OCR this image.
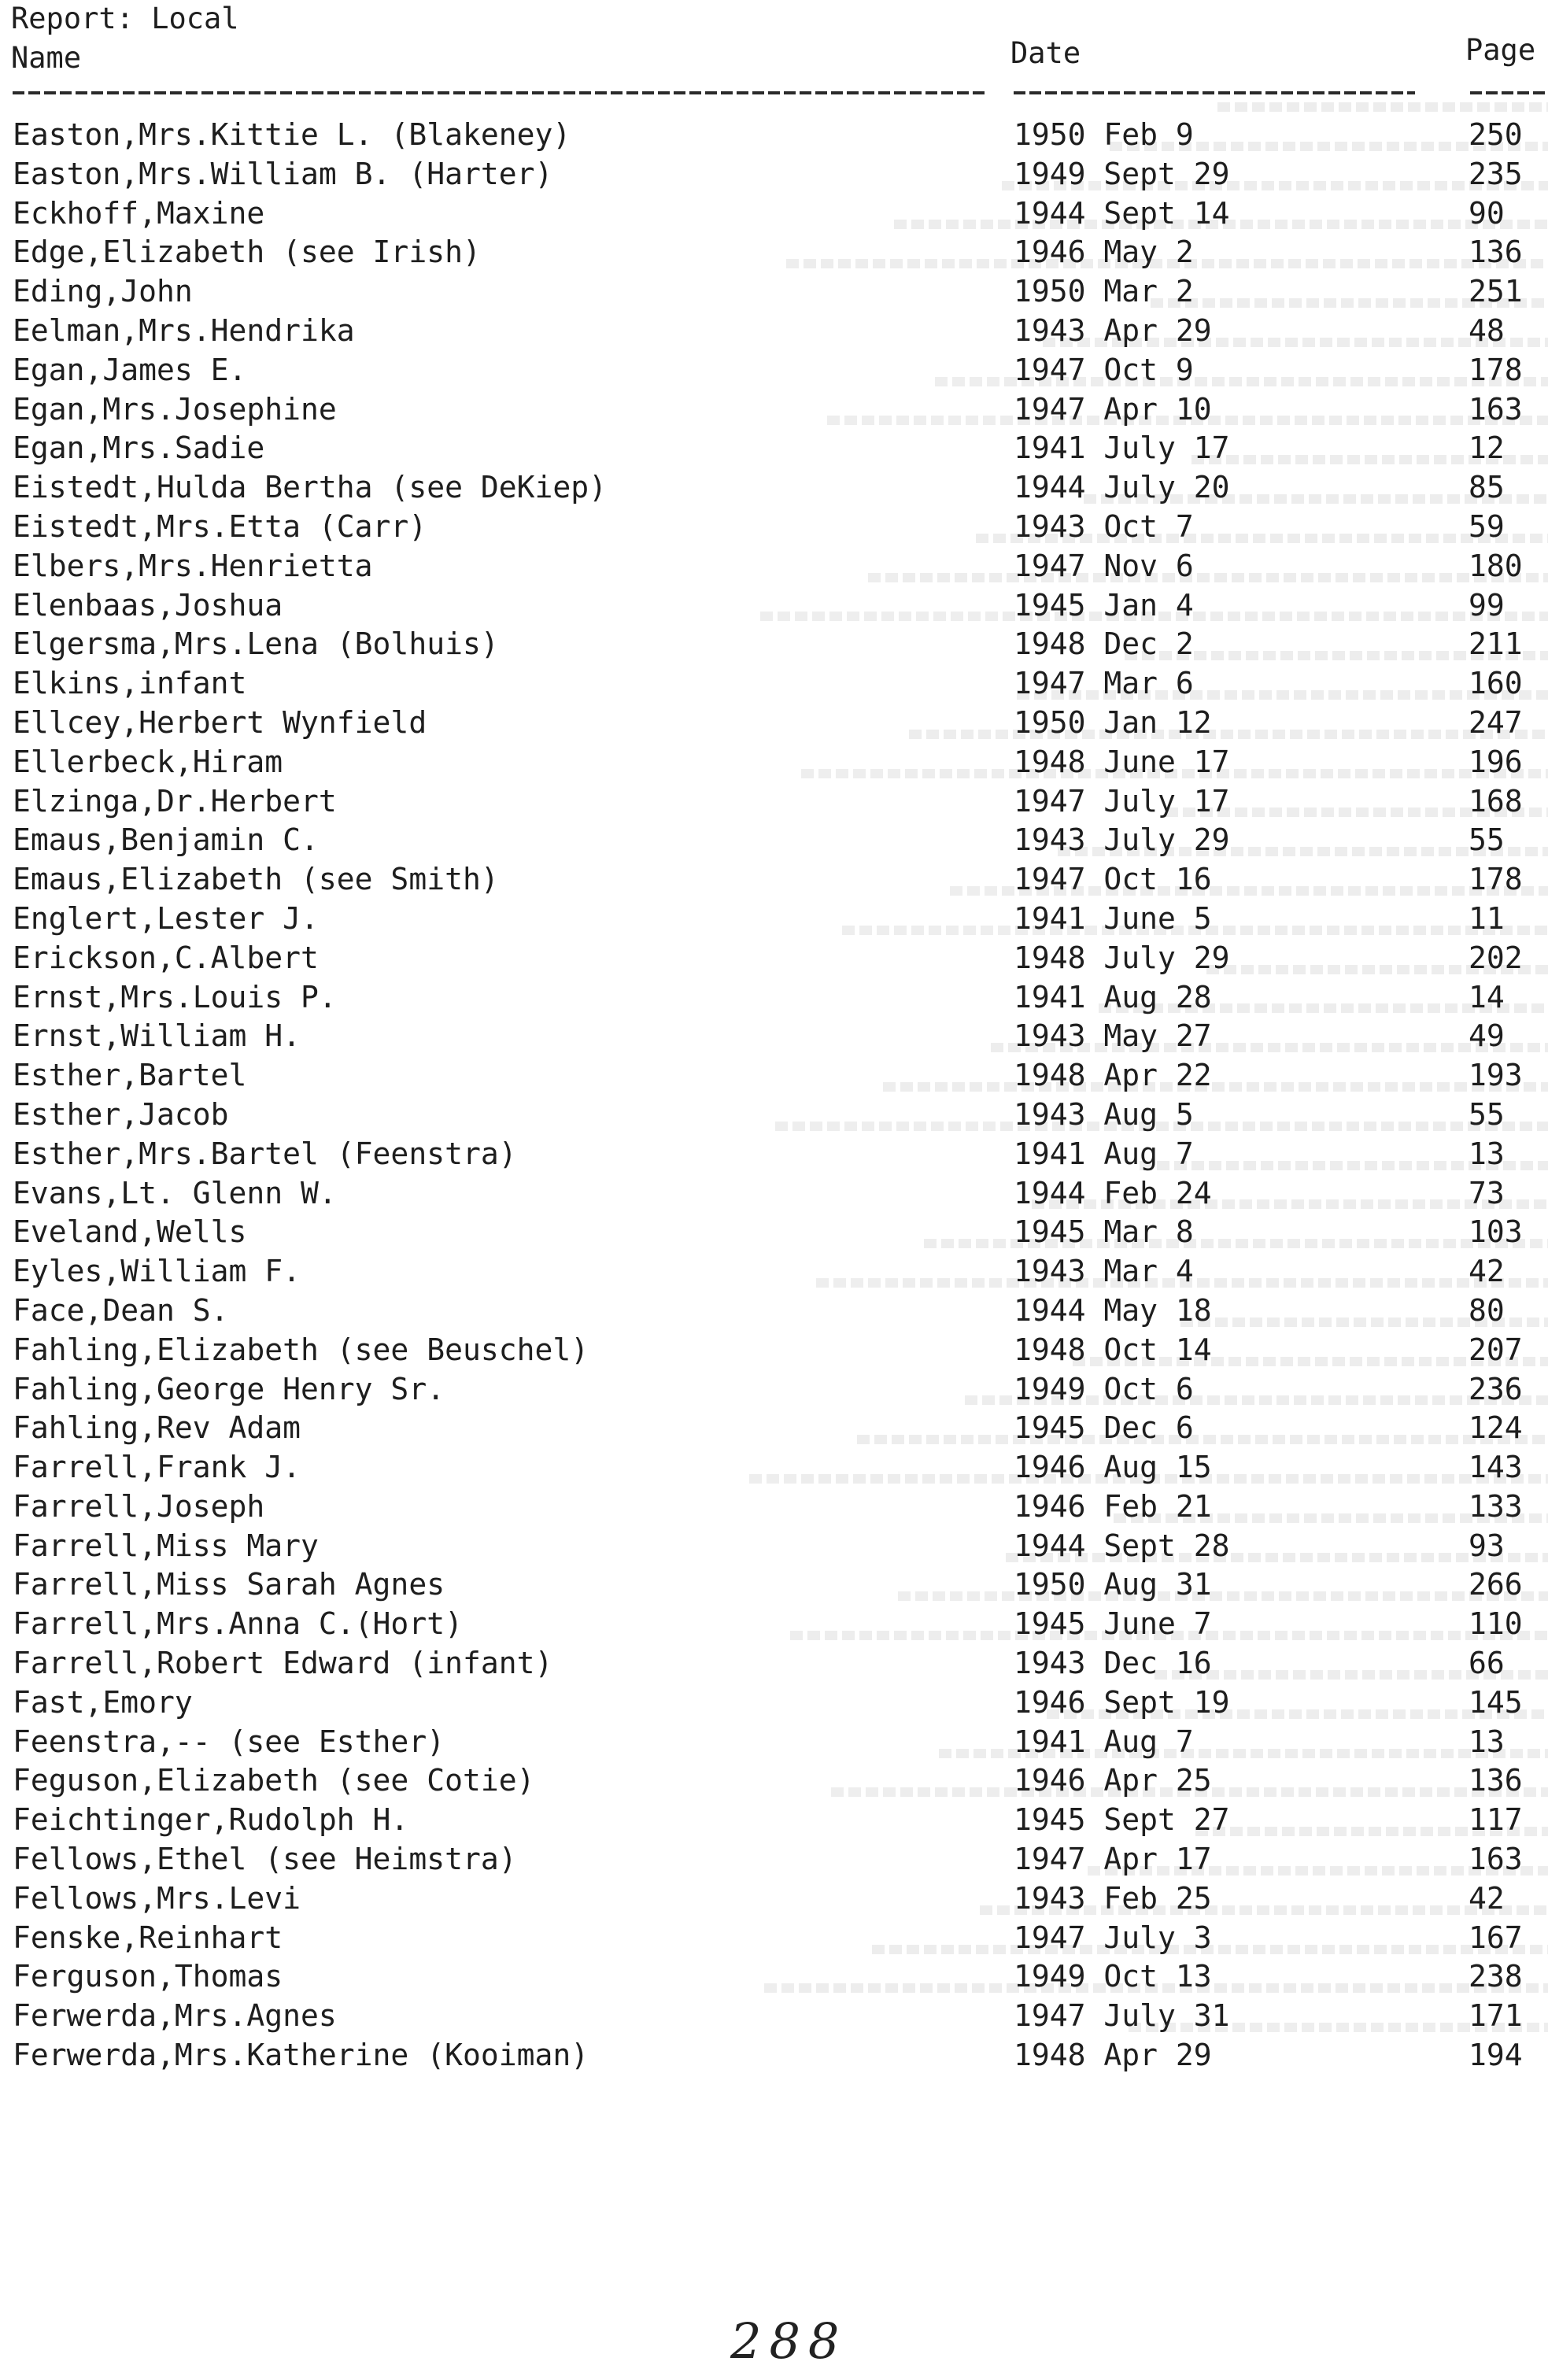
Report: Local
Name	Date	Page
Easton,Mrs.Kittie L. (Blakeney)	1950 Feb 9	250
Easton,Mrs.William B. (Harter)	1949 Sept 29	235
Eckhoff,Maxine	1944 Sept 14	90
Edge,Elizabeth (see Irish)	1946 May 2	136
Eding,John	1950 Mar 2	251
Eelman,Mrs.Hendrika	1943 Apr 29	48
Egan,James E.	1947 Oct 9	178
Egan,Mrs.Josephine	1947 Apr 10	163
Egan,Mrs.Sadie	1941 July 17	12
Eistedt,Hulda Bertha (see DeKiep)	1944 July 20	85
Eistedt,Mrs.Etta (Carr)	1943 Oct 7	59
Elbers,Mrs.Henrietta	1947 Nov 6	180
Elenbaas,Joshua	1945 Jan 4	99
Elgersma,Mrs.Lena (Bolhuis)	1948 Dec 2	211
Elkins,infant	1947 Mar 6	160
Ellcey,Herbert Wynfield	1950 Jan 12	247
Ellerbeck,Hiram	1948 June 17	196
Elzinga,Dr.Herbert	1947 July 17	168
Emaus,Benjamin C.	1943 July 29	55
Emaus,Elizabeth (see Smith)	1947 Oct 16	178
Englert,Lester J.	1941 June 5	11
Erickson,C.Albert	1948 July 29	202
Ernst,Mrs.Louis P.	1941 Aug 28	14
Ernst,William H.	1943 May 27	49
Esther,Bartel	1948 Apr 22	193
Esther,Jacob	1943 Aug 5	55
Esther,Mrs.Bartel (Feenstra)	1941 Aug 7	13
Evans,Lt. Glenn W.	1944 Feb 24	73
Eveland,Wells	1945 Mar 8	103
Eyles,William F.	1943 Mar 4	42
Face,Dean S.	1944 May 18	80
Fahling,Elizabeth (see Beuschel)	1948 Oct 14	207
Fahling,George Henry Sr.	1949 Oct 6	236
Fahling,Rev Adam	1945 Dec 6	124
Farrell,Frank J.	1946 Aug 15	143
Farrell,Joseph	1946 Feb 21	133
Farrell,Miss Mary	1944 Sept 28	93
Farrell,Miss Sarah Agnes	1950 Aug 31	266
Farrell,Mrs.Anna C.(Hort)	1945 June 7	110
Farrell,Robert Edward (infant)	1943 Dec 16	66
Fast,Emory	1946 Sept 19	145
Feenstra,-- (see Esther)	1941 Aug 7	13
Feguson,Elizabeth (see Cotie)	1946 Apr 25	136
Feichtinger,Rudolph H.	1945 Sept 27	117
Fellows,Ethel (see Heimstra)	1947 Apr 17	163
Fellows,Mrs.Levi	1943 Feb 25	42
Fenske,Reinhart	1947 July 3	167
Ferguson,Thomas	1949 Oct 13	238
Ferwerda,Mrs.Agnes	1947 July 31	171
Ferwerda,Mrs.Katherine (Kooiman)	1948 Apr 29	194
288
